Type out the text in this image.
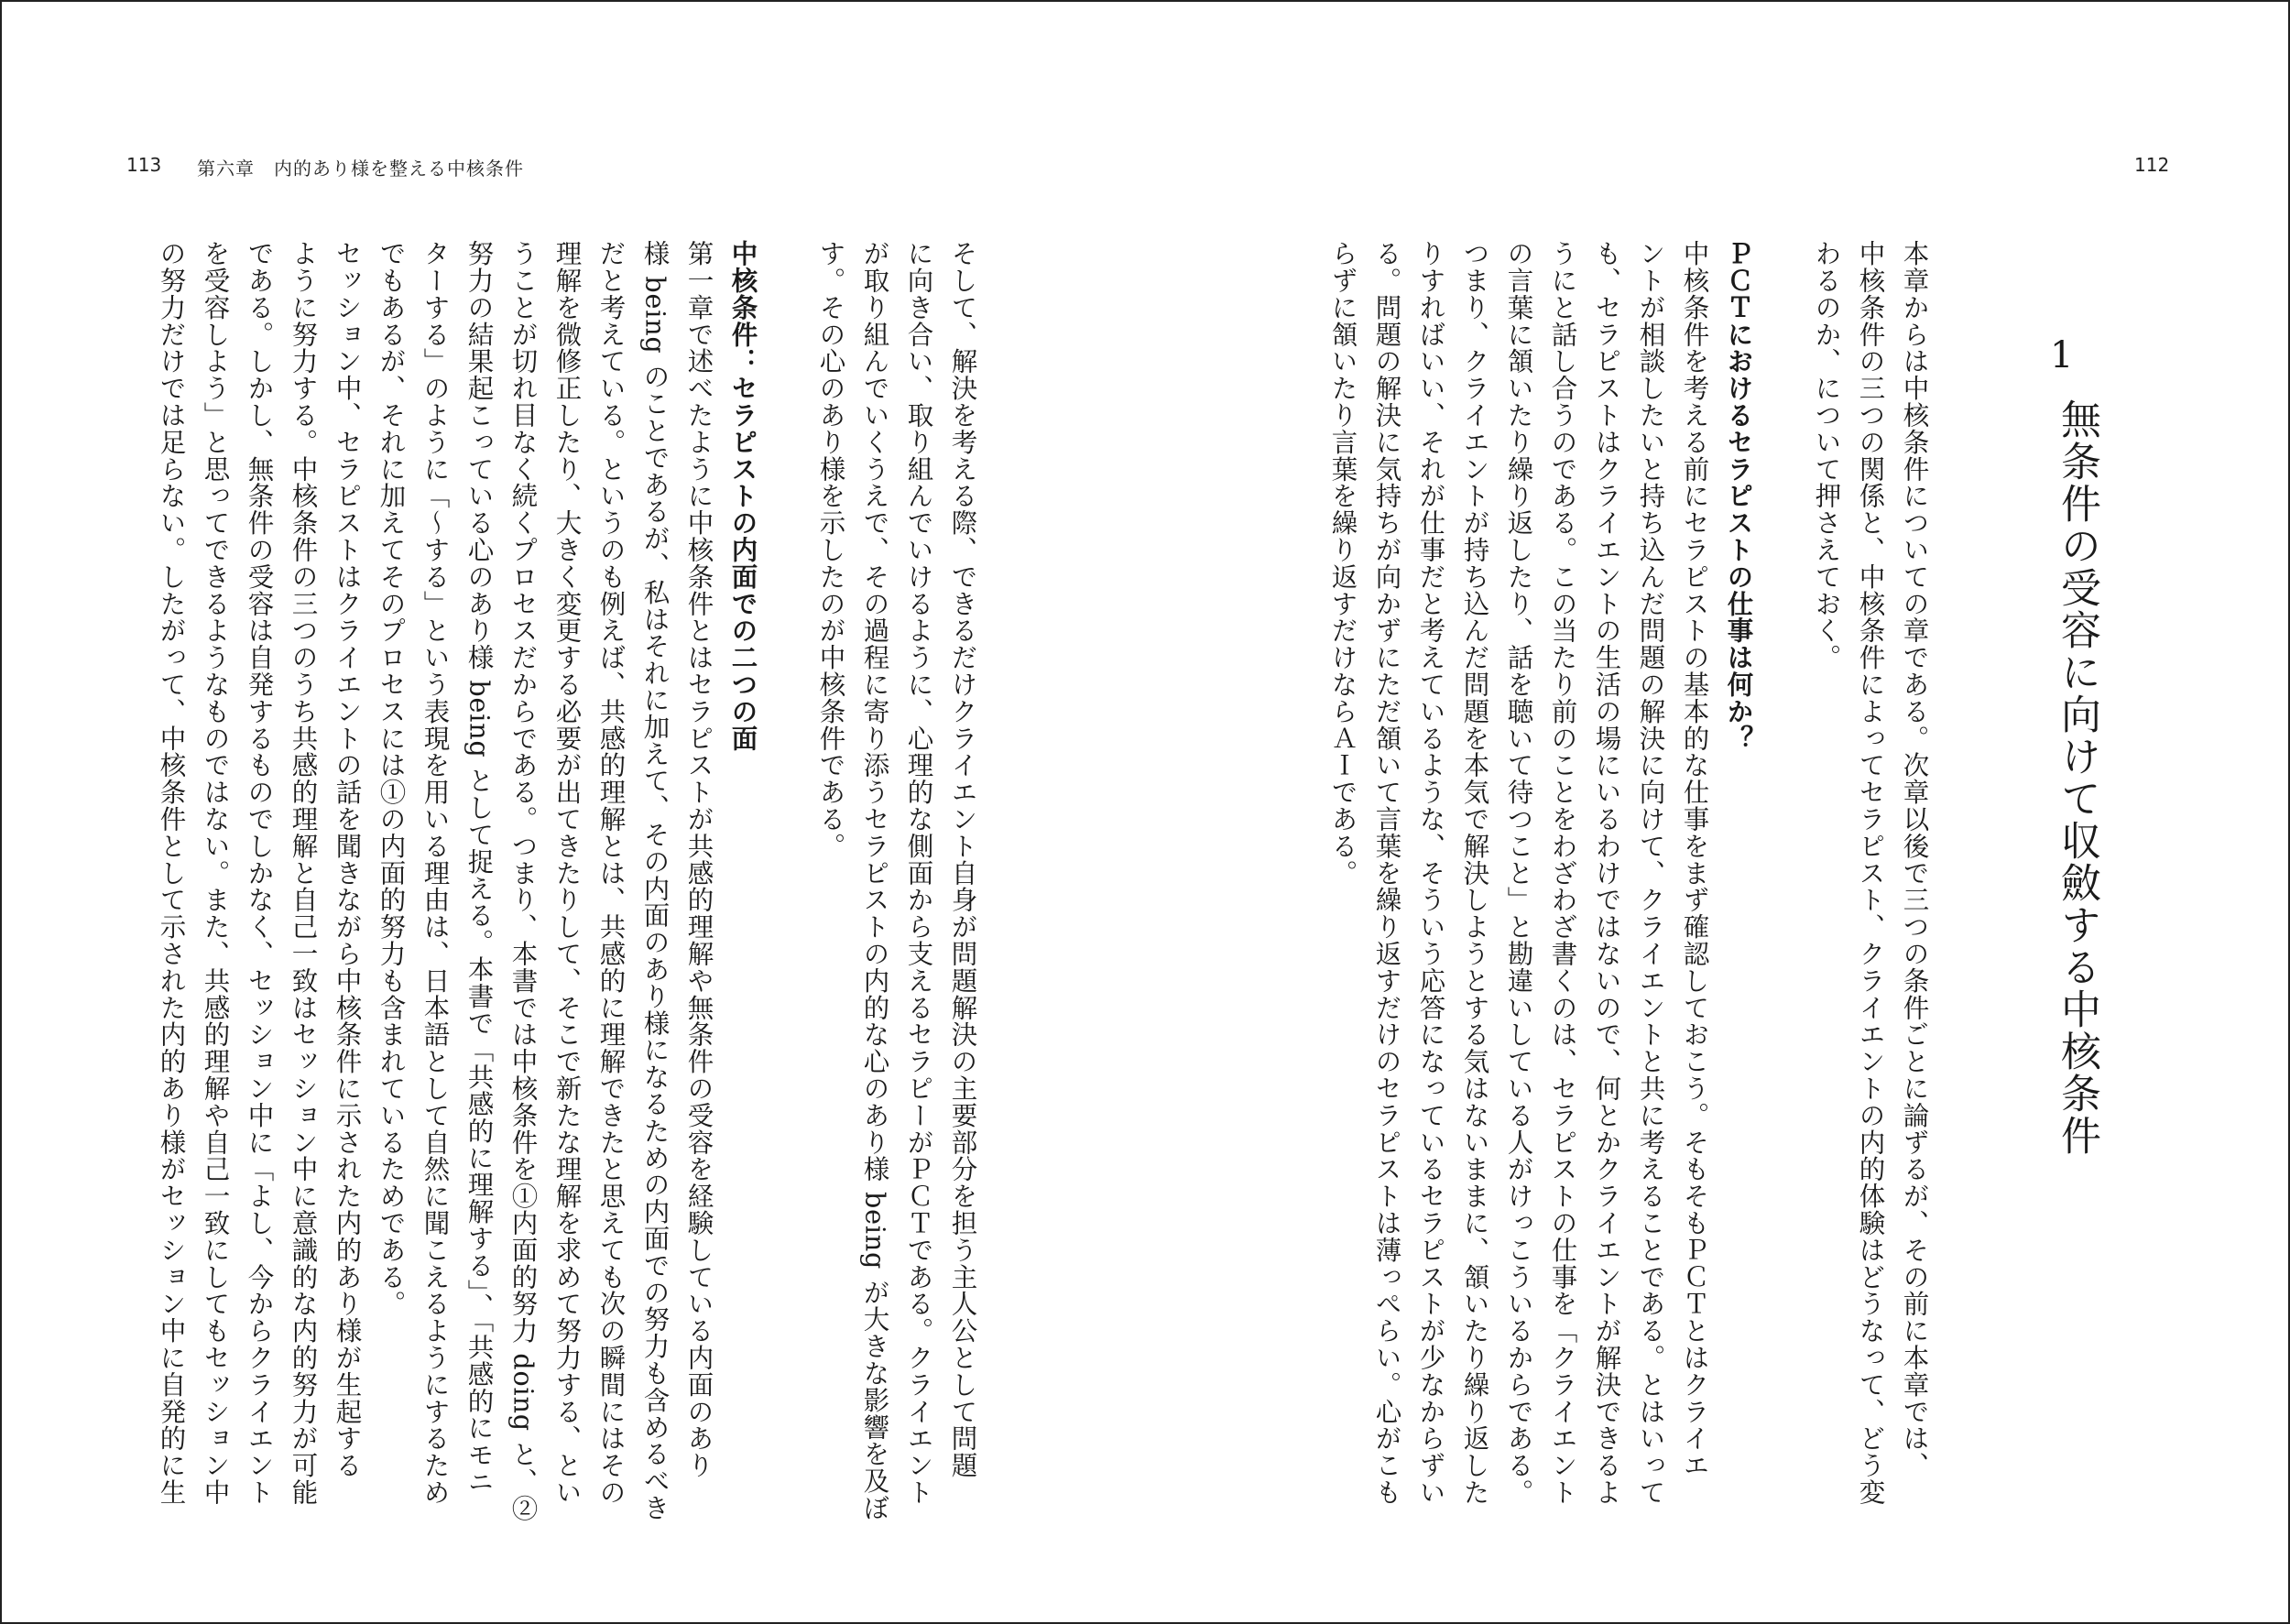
113 第六章　内的あり様を整える中核条件	112
1
無条件の受容に向けて収斂する中核条件
本章からは中核条件についての章である。次章以後で三つの条件ごとに論ずるが、その前に本章では、
中核条件の三つの関係と、中核条件によってセラピスト、クライエントの内的体験はどうなって、どう変
わるのか、について押さえておく。
ＰＣＴにおけるセラピストの仕事は何か？
中核条件を考える前にセラピストの基本的な仕事をまず確認しておこう。そもそもＰＣＴとはクライエ
ントが相談したいと持ち込んだ問題の解決に向けて、クライエントと共に考えることである。とはいって
も、セラピストはクライエントの生活の場にいるわけではないので、何とかクライエントが解決できるよ
うにと話し合うのである。この当たり前のことをわざわざ書くのは、セラピストの仕事を「クライエント
の言葉に頷いたり繰り返したり、話を聴いて待つこと」と勘違いしている人がけっこういるからである。
つまり、クライエントが持ち込んだ問題を本気で解決しようとする気はないままに、頷いたり繰り返した
りすればいい、それが仕事だと考えているような、そういう応答になっているセラピストが少なからずい
る。問題の解決に気持ちが向かずにただ頷いて言葉を繰り返すだけのセラピストは薄っぺらい。心がこも
らずに頷いたり言葉を繰り返すだけならＡＩである。
そして、解決を考える際、できるだけクライエント自身が問題解決の主要部分を担う主人公として問題
に向き合い、取り組んでいけるように、心理的な側面から支えるセラピーがＰＣＴである。クライエント
が取り組んでいくうえで、その過程に寄り添うセラピストの内的な心のあり様 being が大きな影響を及ぼ
す。その心のあり様を示したのが中核条件である。
中核条件：セラピストの内面での二つの面
第一章で述べたように中核条件とはセラピストが共感的理解や無条件の受容を経験している内面のあり
様 being のことであるが、私はそれに加えて、その内面のあり様になるための内面での努力も含めるべき
だと考えている。というのも例えば、共感的理解とは、共感的に理解できたと思えても次の瞬間にはその
理解を微修正したり、大きく変更する必要が出てきたりして、そこで新たな理解を求めて努力する、とい
うことが切れ目なく続くプロセスだからである。つまり、本書では中核条件を①内面的努力 doing と、②
努力の結果起こっている心のあり様 being として捉える。本書で「共感的に理解する」、「共感的にモニ
ターする」のように「〜する」という表現を用いる理由は、日本語として自然に聞こえるようにするため
でもあるが、それに加えてそのプロセスには①の内面的努力も含まれているためである。
セッション中、セラピストはクライエントの話を聞きながら中核条件に示された内的あり様が生起する
ように努力する。中核条件の三つのうち共感的理解と自己一致はセッション中に意識的な内的努力が可能
である。しかし、無条件の受容は自発するものでしかなく、セッション中に「よし、今からクライエント
を受容しよう」と思ってできるようなものではない。また、共感的理解や自己一致にしてもセッション中
の努力だけでは足らない。したがって、中核条件として示された内的あり様がセッション中に自発的に生
